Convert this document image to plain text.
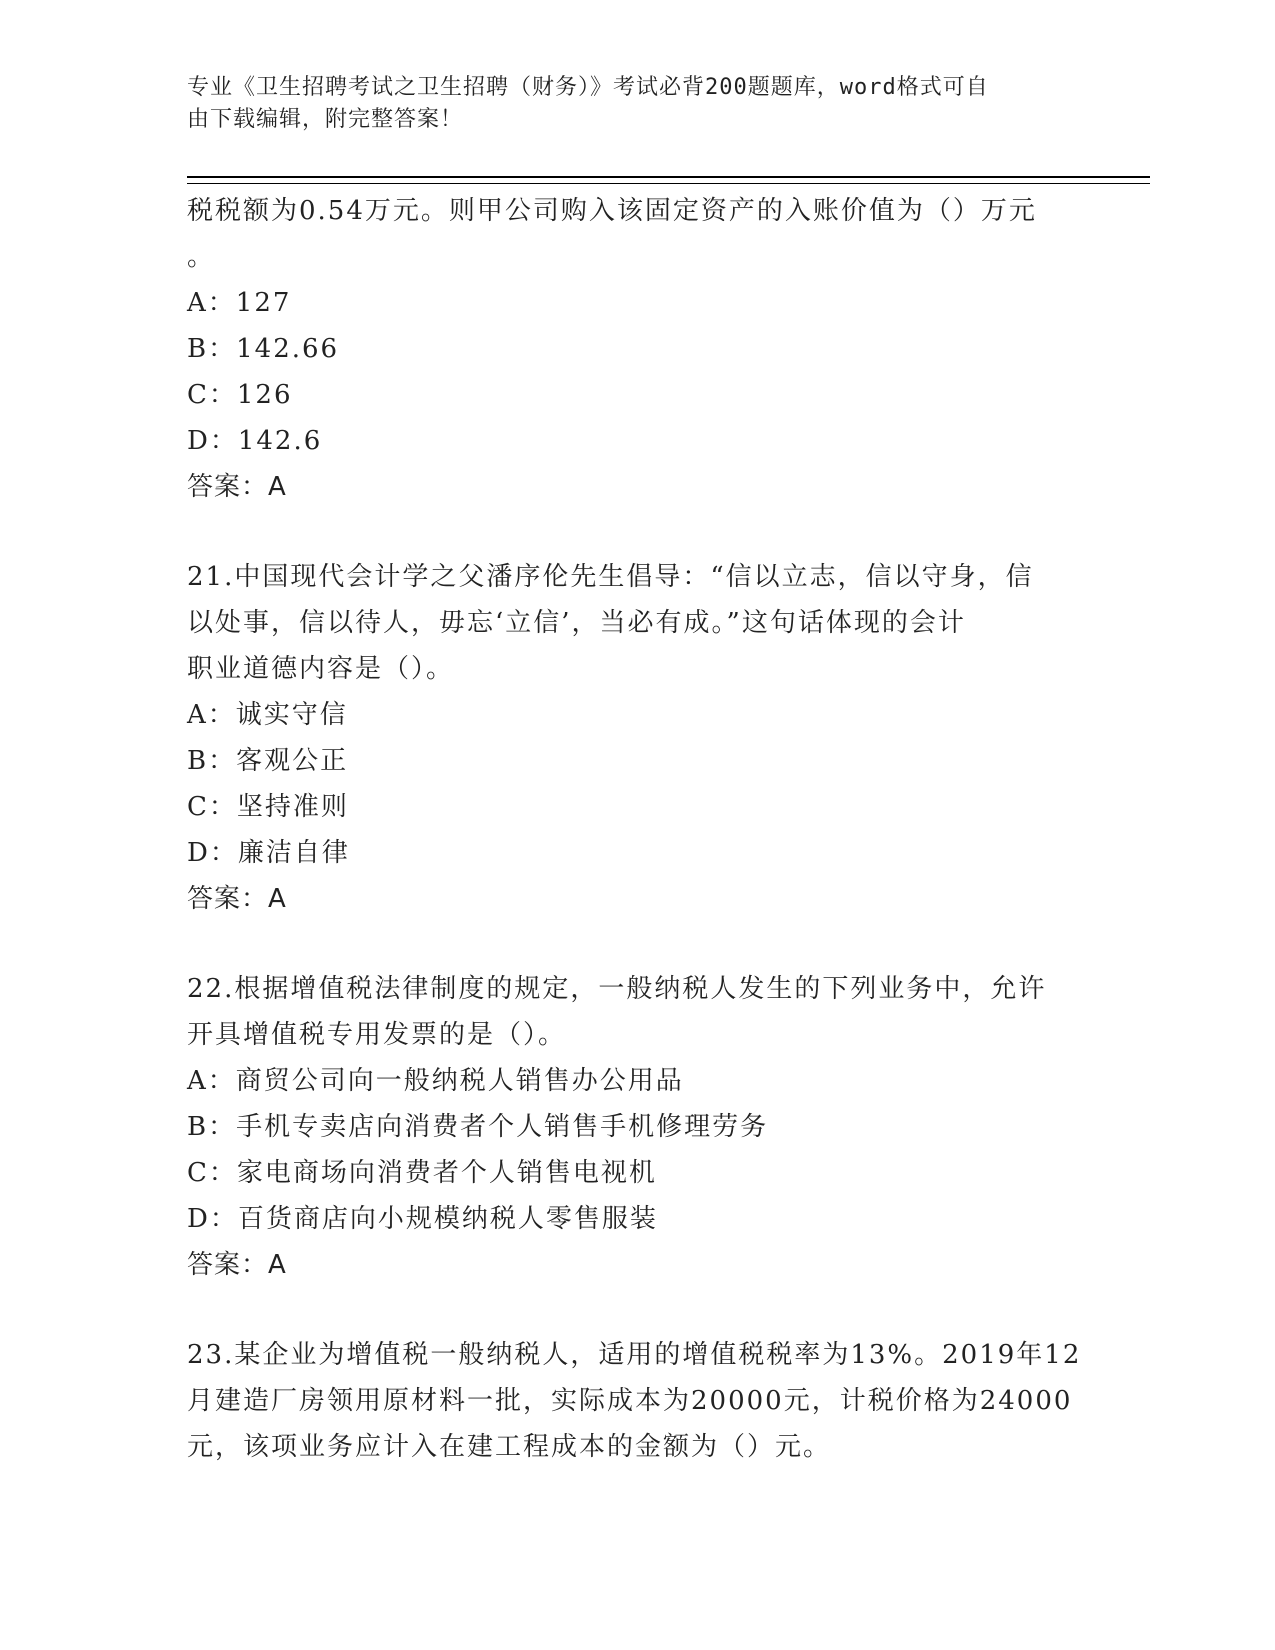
专业《卫生招聘考试之卫生招聘（财务）》考试必背200题题库，word格式可自
由下载编辑，附完整答案！
税税额为0.54万元。则甲公司购入该固定资产的入账价值为（）万元
。
A：127
B：142.66
C：126
D：142.6
答案：A
21.中国现代会计学之父潘序伦先生倡导：“信以立志，信以守身，信
以处事，信以待人，毋忘‘立信’，当必有成。”这句话体现的会计
职业道德内容是（）。
A：诚实守信
B：客观公正
C：坚持准则
D：廉洁自律
答案：A
22.根据增值税法律制度的规定，一般纳税人发生的下列业务中，允许
开具增值税专用发票的是（）。
A：商贸公司向一般纳税人销售办公用品
B：手机专卖店向消费者个人销售手机修理劳务
C：家电商场向消费者个人销售电视机
D：百货商店向小规模纳税人零售服装
答案：A
23.某企业为增值税一般纳税人，适用的增值税税率为13%。2019年12
月建造厂房领用原材料一批，实际成本为20000元，计税价格为24000
元，该项业务应计入在建工程成本的金额为（）元。
